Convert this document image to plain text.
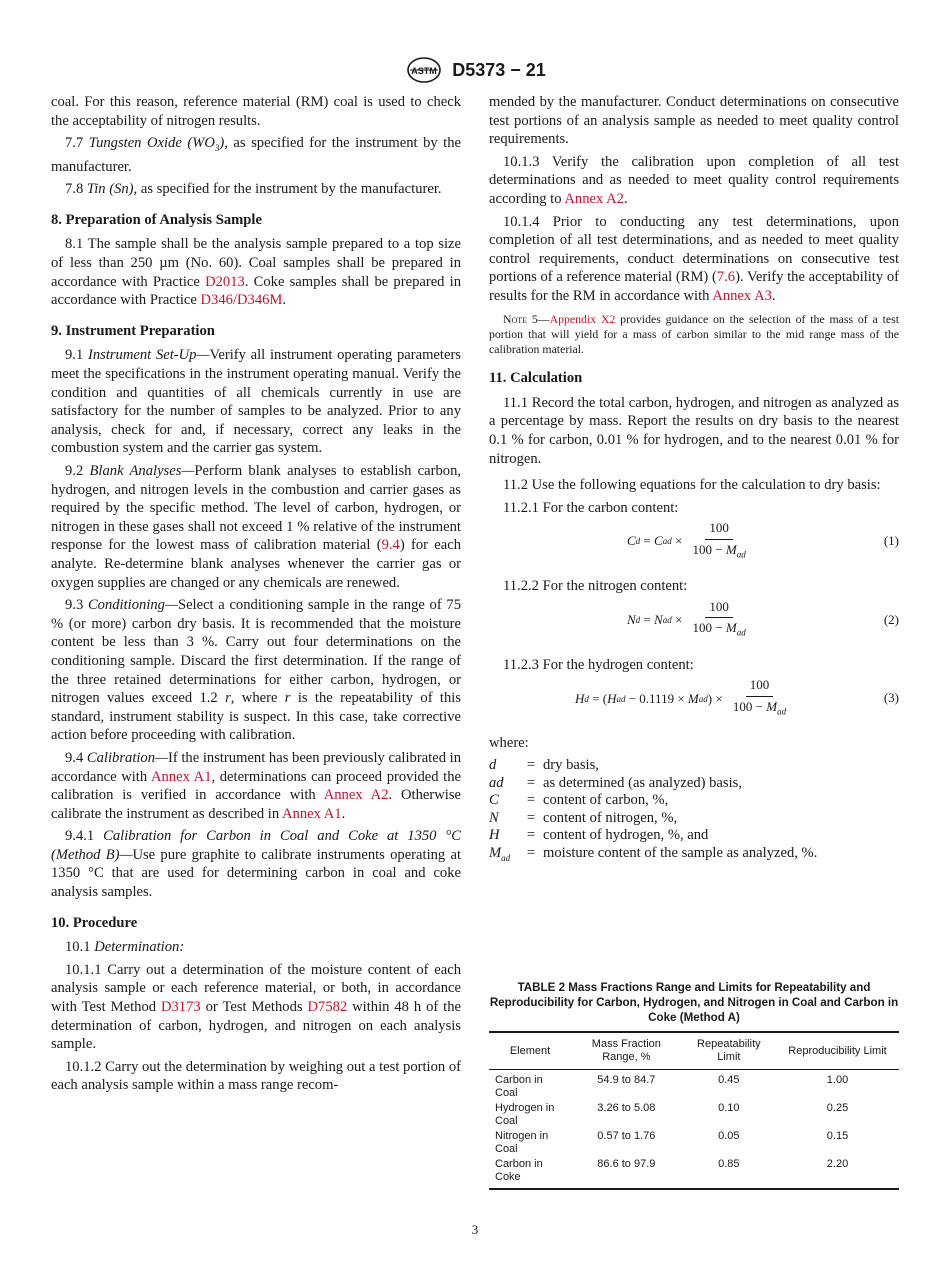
ASTM D5373 − 21

coal. For this reason, reference material (RM) coal is used to check the acceptability of nitrogen results.

7.7 Tungsten Oxide $(WO_3)$, as specified for the instrument by the manufacturer.

7.8 Tin (Sn), as specified for the instrument by the manufacturer.

8. Preparation of Analysis Sample

8.1 The sample shall be the analysis sample prepared to a top size of less than 250 µm (No. 60). Coal samples shall be prepared in accordance with Practice D2013. Coke samples shall be prepared in accordance with Practice D346/D346M.

9. Instrument Preparation

9.1 Instrument Set-Up—Verify all instrument operating parameters meet the specifications in the instrument operating manual. Verify the condition and quantities of all chemicals currently in use are satisfactory for the number of samples to be analyzed. Prior to any analysis, check for and, if necessary, correct any leaks in the combustion system and the carrier gas system.

9.2 Blank Analyses—Perform blank analyses to establish carbon, hydrogen, and nitrogen levels in the combustion and carrier gases as required by the specific method. The level of carbon, hydrogen, or nitrogen in these gases shall not exceed 1 % relative of the instrument response for the lowest mass of calibration material (9.4) for each analyte. Re-determine blank analyses whenever the carrier gas or oxygen supplies are changed or any chemicals are renewed.

9.3 Conditioning—Select a conditioning sample in the range of 75 % (or more) carbon dry basis. It is recommended that the moisture content be less than 3 %. Carry out four determinations on the conditioning sample. Discard the first determination. If the range of the three retained determinations for either carbon, hydrogen, or nitrogen values exceed 1.2 r, where r is the repeatability of this standard, instrument stability is suspect. In this case, take corrective action before proceeding with calibration.

9.4 Calibration—If the instrument has been previously calibrated in accordance with Annex A1, determinations can proceed provided the calibration is verified in accordance with Annex A2. Otherwise calibrate the instrument as described in Annex A1.

9.4.1 Calibration for Carbon in Coal and Coke at 1350 °C (Method B)—Use pure graphite to calibrate instruments operating at 1350 °C that are used for determining carbon in coal and coke analysis samples.

10. Procedure

10.1 Determination:

10.1.1 Carry out a determination of the moisture content of each analysis sample or each reference material, or both, in accordance with Test Method D3173 or Test Methods D7582 within 48 h of the determination of carbon, hydrogen, and nitrogen on each analysis sample.

10.1.2 Carry out the determination by weighing out a test portion of each analysis sample within a mass range recom-

mended by the manufacturer. Conduct determinations on consecutive test portions of an analysis sample as needed to meet quality control requirements.

10.1.3 Verify the calibration upon completion of all test determinations and as needed to meet quality control requirements according to Annex A2.

10.1.4 Prior to conducting any test determinations, upon completion of all test determinations, and as needed to meet quality control requirements, conduct determinations on consecutive test portions of a reference material (RM) (7.6). Verify the acceptability of results for the RM in accordance with Annex A3.

Note 5—Appendix X2 provides guidance on the selection of the mass of a test portion that will yield for a mass of carbon similar to the mid range mass of the calibration material.

11. Calculation

11.1 Record the total carbon, hydrogen, and nitrogen as analyzed as a percentage by mass. Report the results on dry basis to the nearest 0.1 % for carbon, 0.01 % for hydrogen, and to the nearest 0.01 % for nitrogen.

11.2 Use the following equations for the calculation to dry basis:

11.2.1 For the carbon content:

C d = C ad × $\frac{100}{100 - M_{ad}}$	(1)

11.2.2 For the nitrogen content:

N d = N ad × $\frac{100}{100 - M_{ad}}$	(2)

11.2.3 For the hydrogen content:

H d = ( H ad − 0.1119 × M ad ) × $\frac{100}{100 - M_{ad}}$	(3)

where:

d	= dry basis,
ad	= as determined (as analyzed) basis,
C	= content of carbon, %,
N	= content of nitrogen, %,
H	= content of hydrogen, %, and
$M_{ad}$	= moisture content of the sample as analyzed, %.
TABLE 2 Mass Fractions Range and Limits for Repeatability and Reproducibility for Carbon, Hydrogen, and Nitrogen in Coal and Carbon in Coke (Method A)
Element	Mass Fraction Range, %	Repeatability Limit	Reproducibility Limit
Carbon in Coal	54.9 to 84.7	0.45	1.00
Hydrogen in Coal	3.26 to 5.08	0.10	0.25
Nitrogen in Coal	0.57 to 1.76	0.05	0.15
Carbon in Coke	86.6 to 97.9	0.85	2.20
3
